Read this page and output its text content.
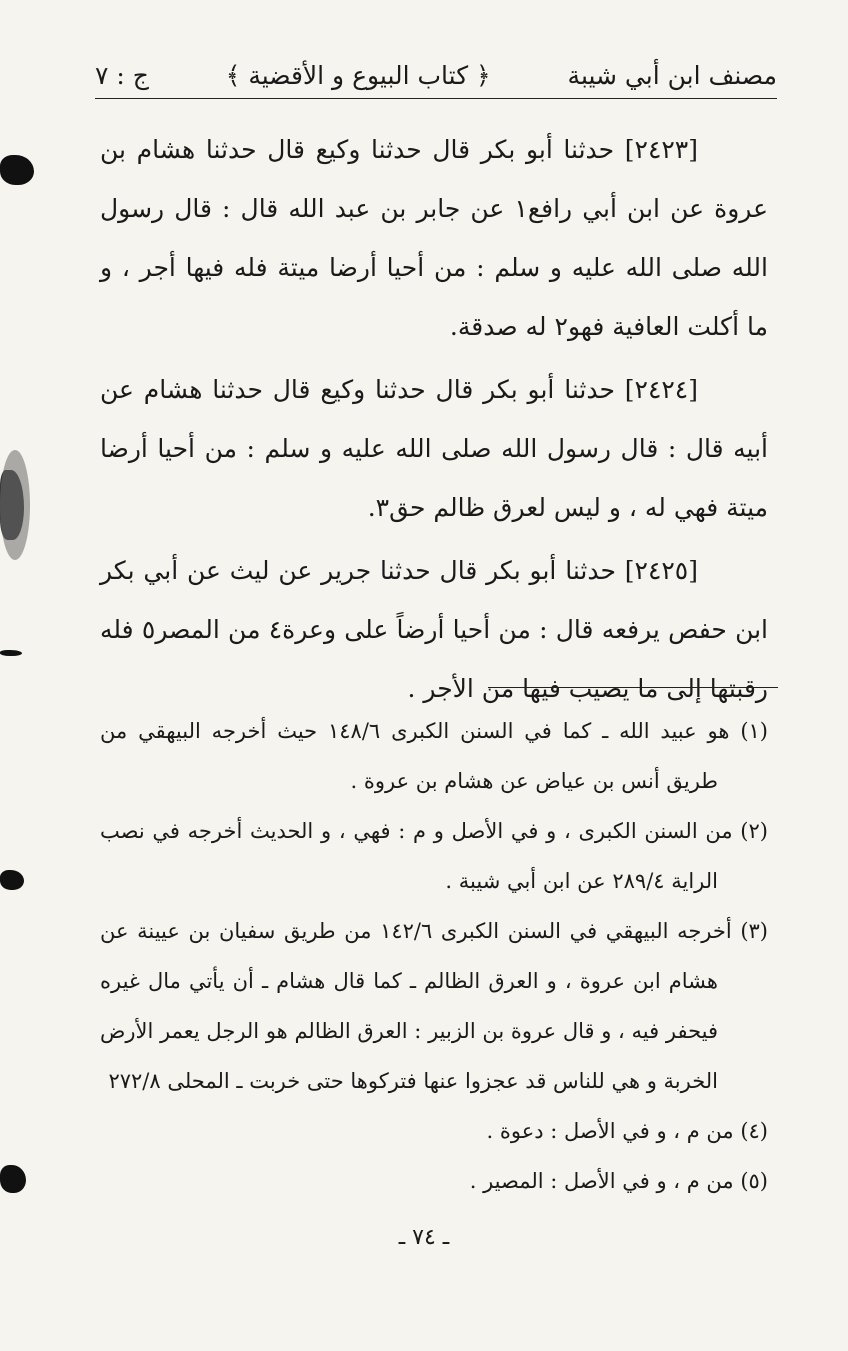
مصنف ابن أبي شيبة
﴿ كتاب البيوع و الأقضية ﴾
ج : ٧

[٢٤٢٣] حدثنا أبو بكر قال حدثنا وكيع قال حدثنا هشام بن عروة عن ابن أبي رافع١ عن جابر بن عبد الله قال : قال رسول الله صلى الله عليه و سلم : من أحيا أرضا ميتة فله فيها أجر ، و ما أكلت العافية فهو٢ له صدقة.

[٢٤٢٤] حدثنا أبو بكر قال حدثنا وكيع قال حدثنا هشام عن أبيه قال : قال رسول الله صلى الله عليه و سلم : من أحيا أرضا ميتة فهي له ، و ليس لعرق ظالم حق٣.

[٢٤٢٥] حدثنا أبو بكر قال حدثنا جرير عن ليث عن أبي بكر ابن حفص يرفعه قال : من أحيا أرضاً على وعرة٤ من المصر٥ فله رقبتها إلى ما يصيب فيها من الأجر .

(١) هو عبيد الله ـ كما في السنن الكبرى ١٤٨/٦ حيث أخرجه البيهقي من طريق أنس بن عياض عن هشام بن عروة .

(٢) من السنن الكبرى ، و في الأصل و م : فهي ، و الحديث أخرجه في نصب الراية ٢٨٩/٤ عن ابن أبي شيبة .

(٣) أخرجه البيهقي في السنن الكبرى ١٤٢/٦ من طريق سفيان بن عيينة عن هشام ابن عروة ، و العرق الظالم ـ كما قال هشام ـ أن يأتي مال غيره فيحفر فيه ، و قال عروة بن الزبير : العرق الظالم هو الرجل يعمر الأرض الخربة و هي للناس قد عجزوا عنها فتركوها حتى خربت ـ المحلى ٢٧٢/٨

(٤) من م ، و في الأصل : دعوة .

(٥) من م ، و في الأصل : المصير .

ـ ٧٤ ـ
